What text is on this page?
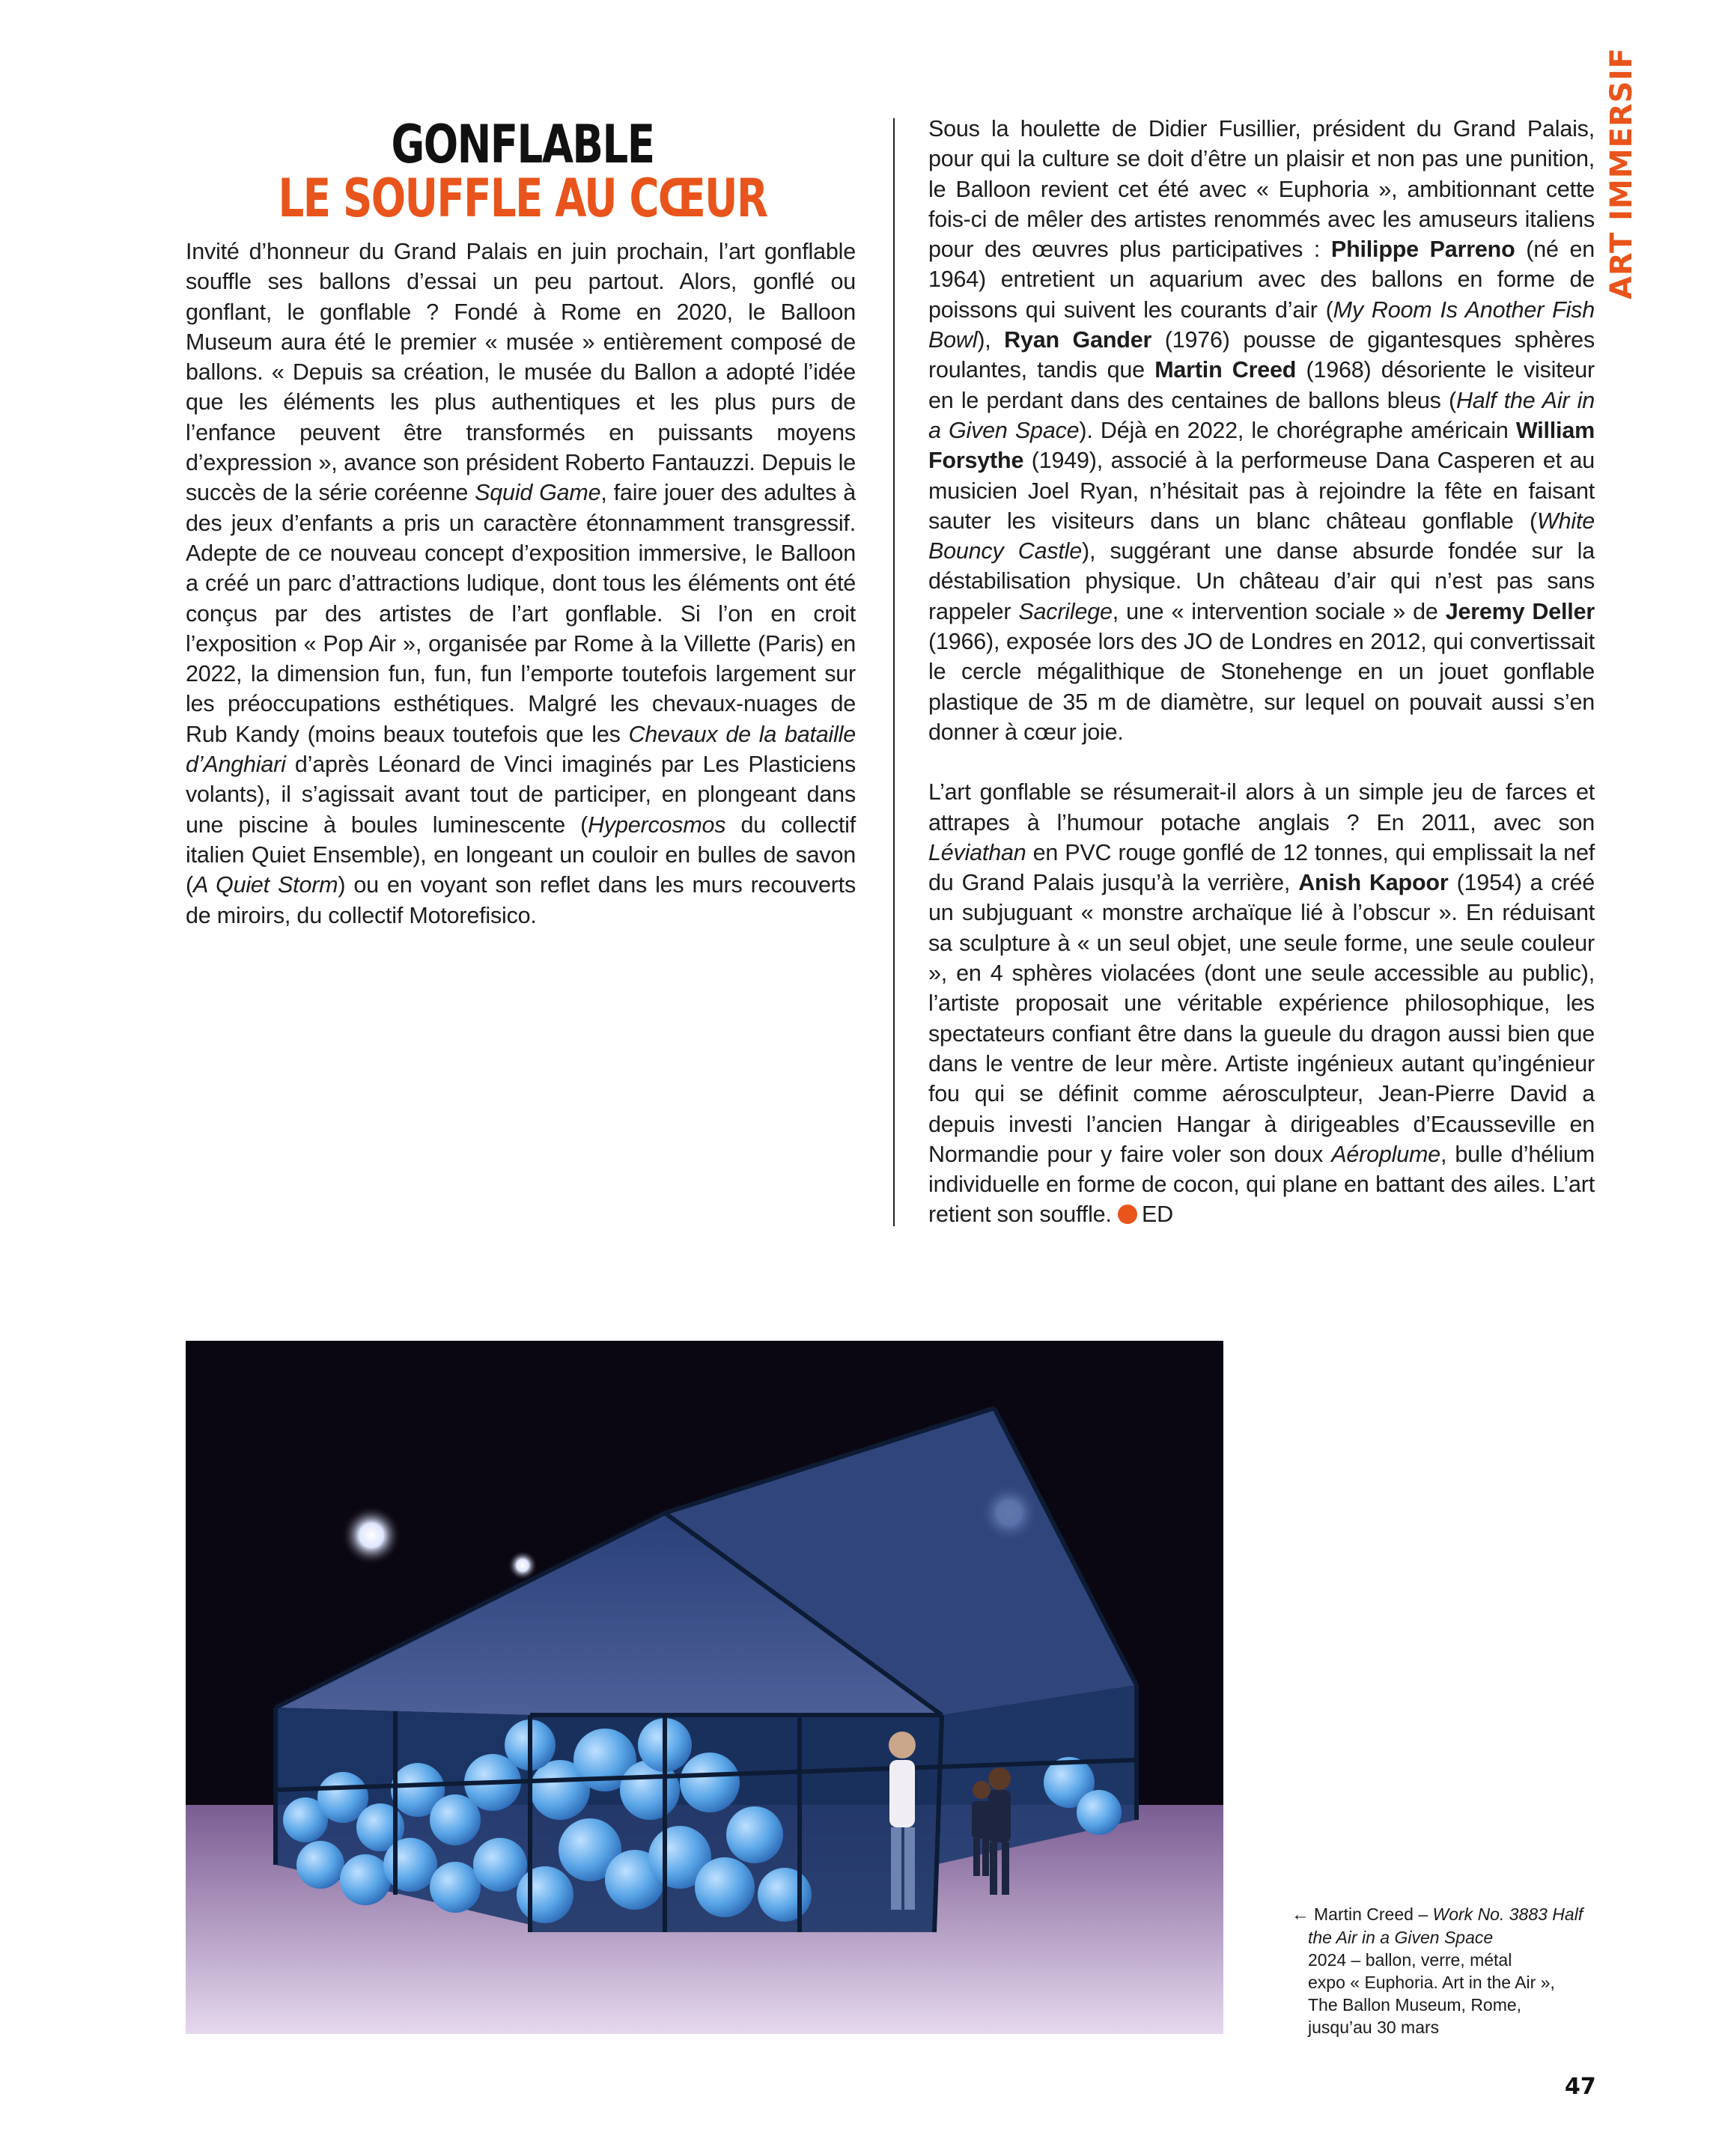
GONFLABLE
LE SOUFFLE AU CŒUR	ART IMMERSIF

Invité d’honneur du Grand Palais en juin prochain, l’art gonflable souffle ses ballons d’essai un peu partout. Alors, gonflé ou gonflant, le gonflable ? Fondé à Rome en 2020, le Balloon Museum aura été le premier « musée » entièrement composé de ballons. « Depuis sa création, le musée du Ballon a adopté l’idée que les éléments les plus authentiques et les plus purs de l’enfance peuvent être transformés en puissants moyens d’expression », avance son président Roberto Fantauzzi. Depuis le succès de la série coréenne Squid Game, faire jouer des adultes à des jeux d’enfants a pris un caractère étonnamment transgressif. Adepte de ce nouveau concept d’exposition immersive, le Balloon a créé un parc d’attractions ludique, dont tous les éléments ont été conçus par des artistes de l’art gonflable. Si l’on en croit l’exposition « Pop Air », organisée par Rome à la Villette (Paris) en 2022, la dimension fun, fun, fun l’emporte toutefois largement sur les préoccupations esthétiques. Malgré les chevaux-nuages de Rub Kandy (moins beaux toutefois que les Chevaux de la bataille d’Anghiari d’après Léonard de Vinci imaginés par Les Plasticiens volants), il s’agissait avant tout de participer, en plongeant dans une piscine à boules luminescente (Hypercosmos du collectif italien Quiet Ensemble), en longeant un couloir en bulles de savon (A Quiet Storm) ou en voyant son reflet dans les murs recouverts de miroirs, du collectif Motorefisico.

Sous la houlette de Didier Fusillier, président du Grand Palais, pour qui la culture se doit d’être un plaisir et non pas une punition, le Balloon revient cet été avec « Euphoria », ambitionnant cette fois-ci de mêler des artistes renommés avec les amuseurs italiens pour des œuvres plus participatives : Philippe Parreno (né en 1964) entretient un aquarium avec des ballons en forme de poissons qui suivent les courants d’air (My Room Is Another Fish Bowl), Ryan Gander (1976) pousse de gigantesques sphères roulantes, tandis que Martin Creed (1968) désoriente le visiteur en le perdant dans des centaines de ballons bleus (Half the Air in a Given Space). Déjà en 2022, le chorégraphe américain William Forsythe (1949), associé à la performeuse Dana Casperen et au musicien Joel Ryan, n’hésitait pas à rejoindre la fête en faisant sauter les visiteurs dans un blanc château gonflable (White Bouncy Castle), suggérant une danse absurde fondée sur la déstabilisation physique. Un château d’air qui n’est pas sans rappeler Sacrilege, une « intervention sociale » de Jeremy Deller (1966), exposée lors des JO de Londres en 2012, qui convertissait le cercle mégalithique de Stonehenge en un jouet gonflable plastique de 35 m de diamètre, sur lequel on pouvait aussi s’en donner à cœur joie.

L’art gonflable se résumerait-il alors à un simple jeu de farces et attrapes à l’humour potache anglais ? En 2011, avec son Léviathan en PVC rouge gonflé de 12 tonnes, qui emplissait la nef du Grand Palais jusqu’à la verrière, Anish Kapoor (1954) a créé un subjuguant « monstre archaïque lié à l’obscur ». En réduisant sa sculpture à « un seul objet, une seule forme, une seule couleur », en 4 sphères violacées (dont une seule accessible au public), l’artiste proposait une véritable expérience philosophique, les spectateurs confiant être dans la gueule du dragon aussi bien que dans le ventre de leur mère. Artiste ingénieux autant qu’ingénieur fou qui se définit comme aérosculpteur, Jean-Pierre David a depuis investi l’ancien Hangar à dirigeables d’Ecausseville en Normandie pour y faire voler son doux Aéroplume, bulle d’hélium individuelle en forme de cocon, qui plane en battant des ailes. L’art retient son souffle. ED

← Martin Creed – Work No. 3883 Half
the Air in a Given Space
2024 – ballon, verre, métal
expo « Euphoria. Art in the Air »,
The Ballon Museum, Rome,
jusqu’au 30 mars
47
